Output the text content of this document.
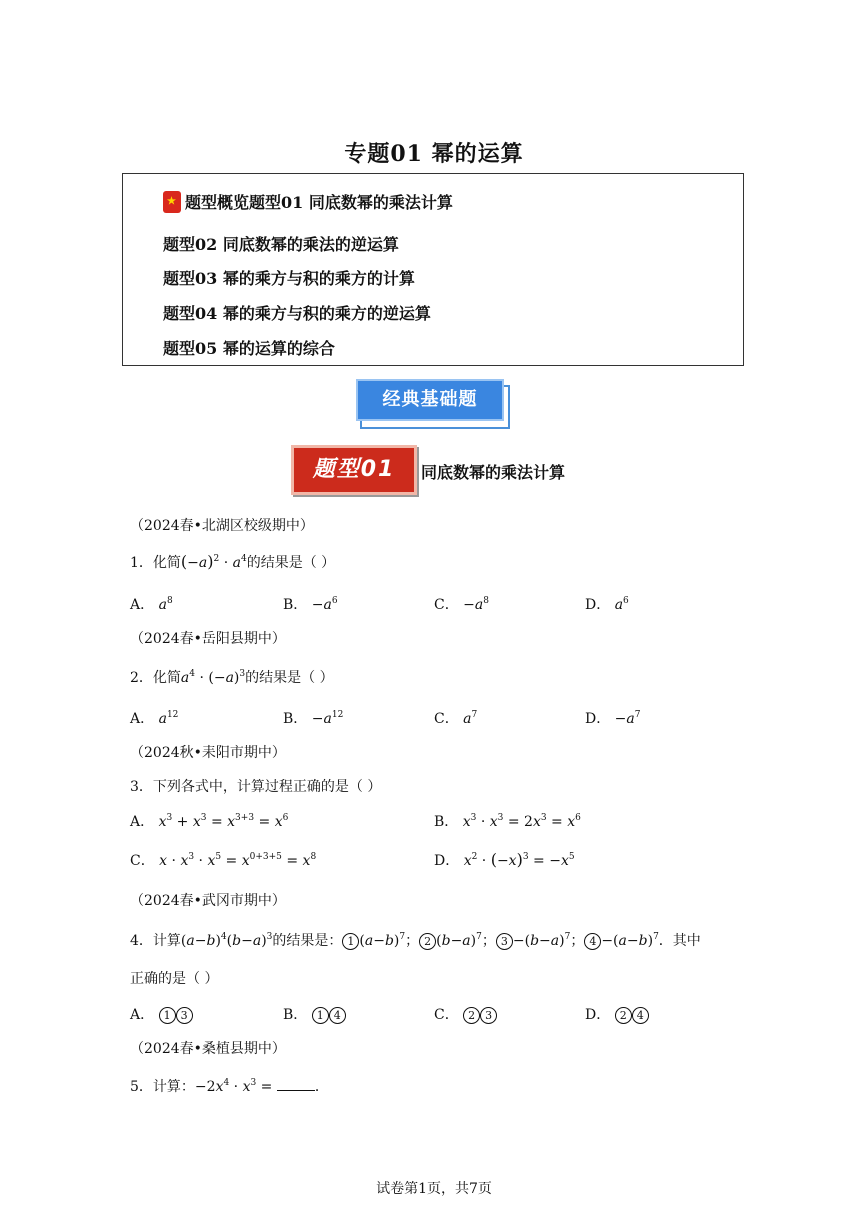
专题01 幂的运算
★题型概览题型01 同底数幂的乘法计算
题型02 同底数幂的乘法的逆运算
题型03 幂的乘方与积的乘方的计算
题型04 幂的乘方与积的乘方的逆运算
题型05 幂的运算的综合
经典基础题
题型01	同底数幂的乘法计算
（2024春•北湖区校级期中）
1．化简$(-a)^2 \cdot a^4$的结果是（ ）
A． $a^8$	B． $-a^6$	C． $-a^8$	D． $a^6$
（2024春•岳阳县期中）
2．化简$a^4 \cdot (-a)^3$的结果是（ ）
A． $a^{12}$	B． $-a^{12}$	C． $a^7$	D． $-a^7$
（2024秋•耒阳市期中）
3．下列各式中，计算过程正确的是（ ）
A． $x^3 + x^3 = x^{3+3} = x^6$	B． $x^3 \cdot x^3 = 2x^3 = x^6$
C． $x \cdot x^3 \cdot x^5 = x^{0+3+5} = x^8$	D． $x^2 \cdot (-x)^3 = -x^5$
（2024春•武冈市期中）
4．计算$(a-b)^4(b-a)^3$的结果是： 1 $(a-b)^7$； 2 $(b-a)^7$； $3 -(b-a)^7$； $4 -(a-b)^7$．其中
正确的是（ ）
A． 1 3	B． 1 4	C． 2 3	D． 2 4
（2024春•桑植县期中）
5．计算：$-2x^4 \cdot x^3$ =	．
试卷第1页，共7页
